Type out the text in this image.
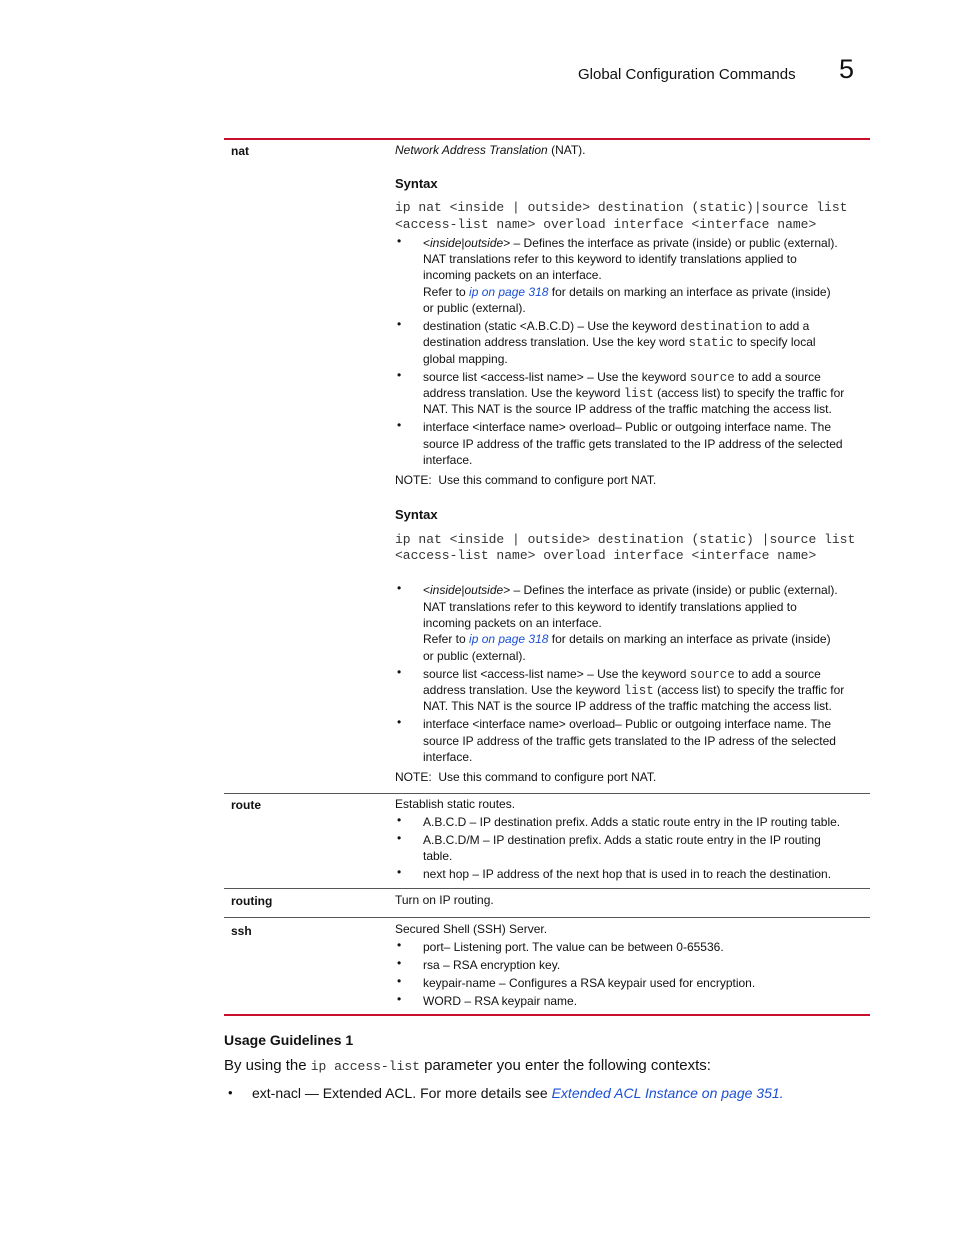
Global Configuration Commands 5
nat	Network Address Translation (NAT).
Syntax
ip nat <inside | outside> destination (static)|source list
<access-list name> overload interface <interface name>
• <inside|outside> – Defines the interface as private (inside) or public (external).
NAT translations refer to this keyword to identify translations applied to
incoming packets on an interface.
Refer to ip on page 318 for details on marking an interface as private (inside)
or public (external).
• destination (static <A.B.C.D) – Use the keyword destination to add a
destination address translation. Use the key word static to specify local
global mapping.
• source list <access-list name> – Use the keyword source to add a source
address translation. Use the keyword list (access list) to specify the traffic for
NAT. This NAT is the source IP address of the traffic matching the access list.
• interface <interface name> overload– Public or outgoing interface name. The
source IP address of the traffic gets translated to the IP address of the selected
interface.
NOTE: Use this command to configure port NAT.
Syntax
ip nat <inside | outside> destination (static) |source list
<access-list name> overload interface <interface name>
• <inside|outside> – Defines the interface as private (inside) or public (external).
NAT translations refer to this keyword to identify translations applied to
incoming packets on an interface.
Refer to ip on page 318 for details on marking an interface as private (inside)
or public (external).
• source list <access-list name> – Use the keyword source to add a source
address translation. Use the keyword list (access list) to specify the traffic for
NAT. This NAT is the source IP address of the traffic matching the access list.
• interface <interface name> overload– Public or outgoing interface name. The
source IP address of the traffic gets translated to the IP adress of the selected
interface.
NOTE: Use this command to configure port NAT.
route	Establish static routes.
• A.B.C.D – IP destination prefix. Adds a static route entry in the IP routing table.
• A.B.C.D/M – IP destination prefix. Adds a static route entry in the IP routing
table.
• next hop – IP address of the next hop that is used in to reach the destination.
routing	Turn on IP routing.
ssh	Secured Shell (SSH) Server.
• port– Listening port. The value can be between 0-65536.
• rsa – RSA encryption key.
• keypair-name – Configures a RSA keypair used for encryption.
• WORD – RSA keypair name.
Usage Guidelines 1
By using the ip access-list parameter you enter the following contexts:
• ext-nacl — Extended ACL. For more details see Extended ACL Instance on page 351.
